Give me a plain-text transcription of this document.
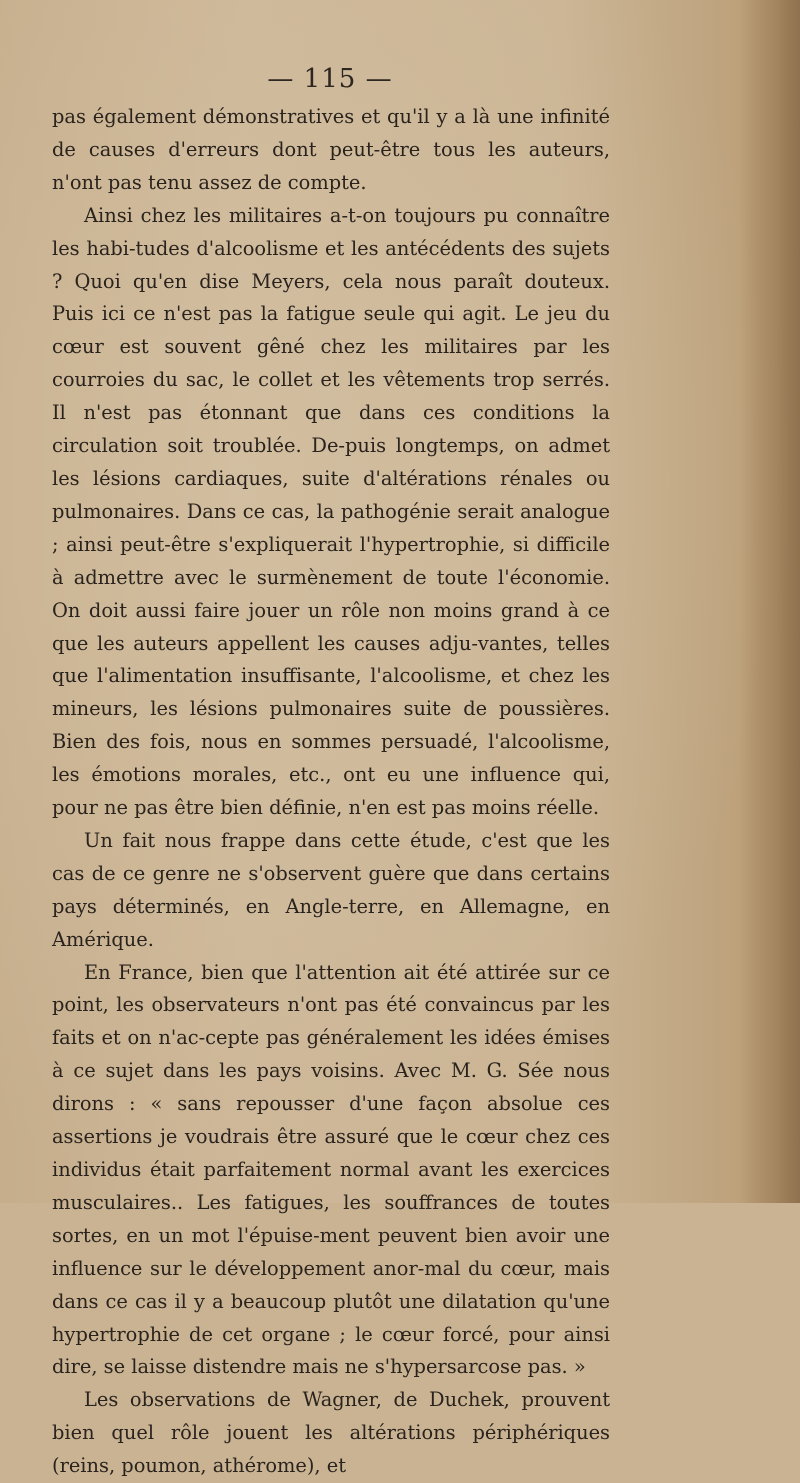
— 115 —

pas également démonstratives et qu'il y a là une infinité de causes d'erreurs dont peut-être tous les auteurs, n'ont pas tenu assez de compte.

Ainsi chez les militaires a-t-on toujours pu connaître les habi-tudes d'alcoolisme et les antécédents des sujets ? Quoi qu'en dise Meyers, cela nous paraît douteux. Puis ici ce n'est pas la fatigue seule qui agit. Le jeu du cœur est souvent gêné chez les militaires par les courroies du sac, le collet et les vêtements trop serrés. Il n'est pas étonnant que dans ces conditions la circulation soit troublée. De-puis longtemps, on admet les lésions cardiaques, suite d'altérations rénales ou pulmonaires. Dans ce cas, la pathogénie serait analogue ; ainsi peut-être s'expliquerait l'hypertrophie, si difficile à admettre avec le surmènement de toute l'économie. On doit aussi faire jouer un rôle non moins grand à ce que les auteurs appellent les causes adju-vantes, telles que l'alimentation insuffisante, l'alcoolisme, et chez les mineurs, les lésions pulmonaires suite de poussières. Bien des fois, nous en sommes persuadé, l'alcoolisme, les émotions morales, etc., ont eu une influence qui, pour ne pas être bien définie, n'en est pas moins réelle.

Un fait nous frappe dans cette étude, c'est que les cas de ce genre ne s'observent guère que dans certains pays déterminés, en Angle-terre, en Allemagne, en Amérique.

En France, bien que l'attention ait été attirée sur ce point, les observateurs n'ont pas été convaincus par les faits et on n'ac-cepte pas généralement les idées émises à ce sujet dans les pays voisins. Avec M. G. Sée nous dirons : « sans repousser d'une façon absolue ces assertions je voudrais être assuré que le cœur chez ces individus était parfaitement normal avant les exercices musculaires.. Les fatigues, les souffrances de toutes sortes, en un mot l'épuise-ment peuvent bien avoir une influence sur le développement anor-mal du cœur, mais dans ce cas il y a beaucoup plutôt une dilatation qu'une hypertrophie de cet organe ; le cœur forcé, pour ainsi dire, se laisse distendre mais ne s'hypersarcose pas. »

Les observations de Wagner, de Duchek, prouvent bien quel rôle jouent les altérations périphériques (reins, poumon, athérome), et
